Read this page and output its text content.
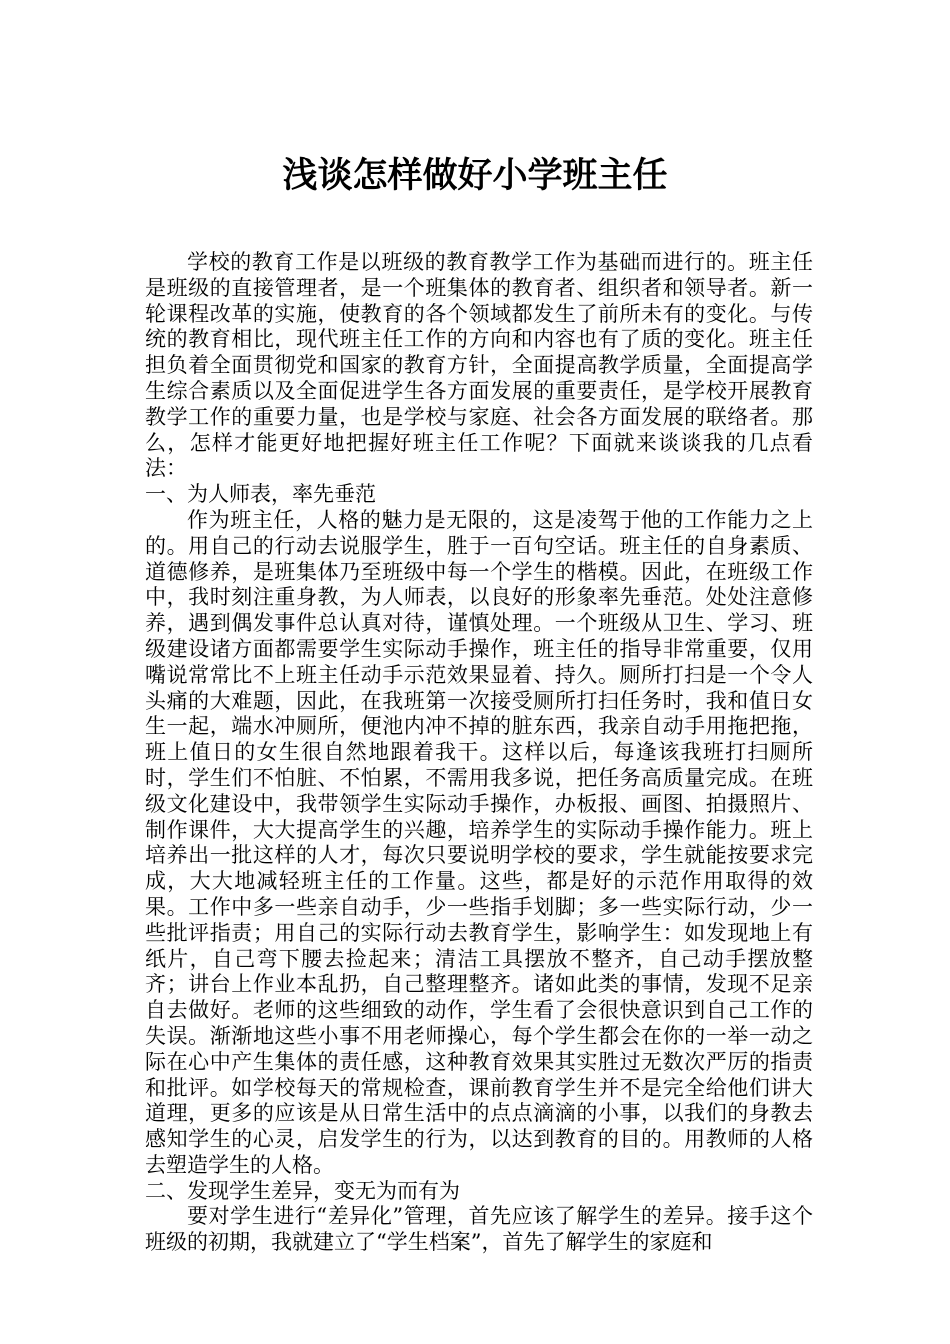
浅谈怎样做好小学班主任

学校的教育工作是以班级的教育教学工作为基础而进行的。班主任是班级的直接管理者，是一个班集体的教育者、组织者和领导者。新一轮课程改革的实施，使教育的各个领域都发生了前所未有的变化。与传统的教育相比，现代班主任工作的方向和内容也有了质的变化。班主任担负着全面贯彻党和国家的教育方针，全面提高教学质量，全面提高学生综合素质以及全面促进学生各方面发展的重要责任，是学校开展教育教学工作的重要力量，也是学校与家庭、社会各方面发展的联络者。那么，怎样才能更好地把握好班主任工作呢？下面就来谈谈我的几点看法：

一、为人师表，率先垂范

作为班主任，人格的魅力是无限的，这是凌驾于他的工作能力之上的。用自己的行动去说服学生，胜于一百句空话。班主任的自身素质、道德修养，是班集体乃至班级中每一个学生的楷模。因此，在班级工作中，我时刻注重身教，为人师表，以良好的形象率先垂范。处处注意修养，遇到偶发事件总认真对待，谨慎处理。一个班级从卫生、学习、班级建设诸方面都需要学生实际动手操作，班主任的指导非常重要，仅用嘴说常常比不上班主任动手示范效果显着、持久。厕所打扫是一个令人头痛的大难题，因此，在我班第一次接受厕所打扫任务时，我和值日女生一起，端水冲厕所，便池内冲不掉的脏东西，我亲自动手用拖把拖，班上值日的女生很自然地跟着我干。这样以后，每逢该我班打扫厕所时，学生们不怕脏、不怕累，不需用我多说，把任务高质量完成。在班级文化建设中，我带领学生实际动手操作，办板报、画图、拍摄照片、制作课件，大大提高学生的兴趣，培养学生的实际动手操作能力。班上培养出一批这样的人才，每次只要说明学校的要求，学生就能按要求完成，大大地减轻班主任的工作量。这些，都是好的示范作用取得的效果。工作中多一些亲自动手，少一些指手划脚；多一些实际行动，少一些批评指责；用自己的实际行动去教育学生，影响学生：如发现地上有纸片，自己弯下腰去捡起来；清洁工具摆放不整齐，自己动手摆放整齐；讲台上作业本乱扔，自己整理整齐。诸如此类的事情，发现不足亲自去做好。老师的这些细致的动作，学生看了会很快意识到自己工作的失误。渐渐地这些小事不用老师操心，每个学生都会在你的一举一动之际在心中产生集体的责任感，这种教育效果其实胜过无数次严厉的指责和批评。如学校每天的常规检查，课前教育学生并不是完全给他们讲大道理，更多的应该是从日常生活中的点点滴滴的小事，以我们的身教去感知学生的心灵，启发学生的行为，以达到教育的目的。用教师的人格去塑造学生的人格。

二、发现学生差异，变无为而有为

要对学生进行“差异化”管理，首先应该了解学生的差异。接手这个班级的初期，我就建立了“学生档案”，首先了解学生的家庭和
